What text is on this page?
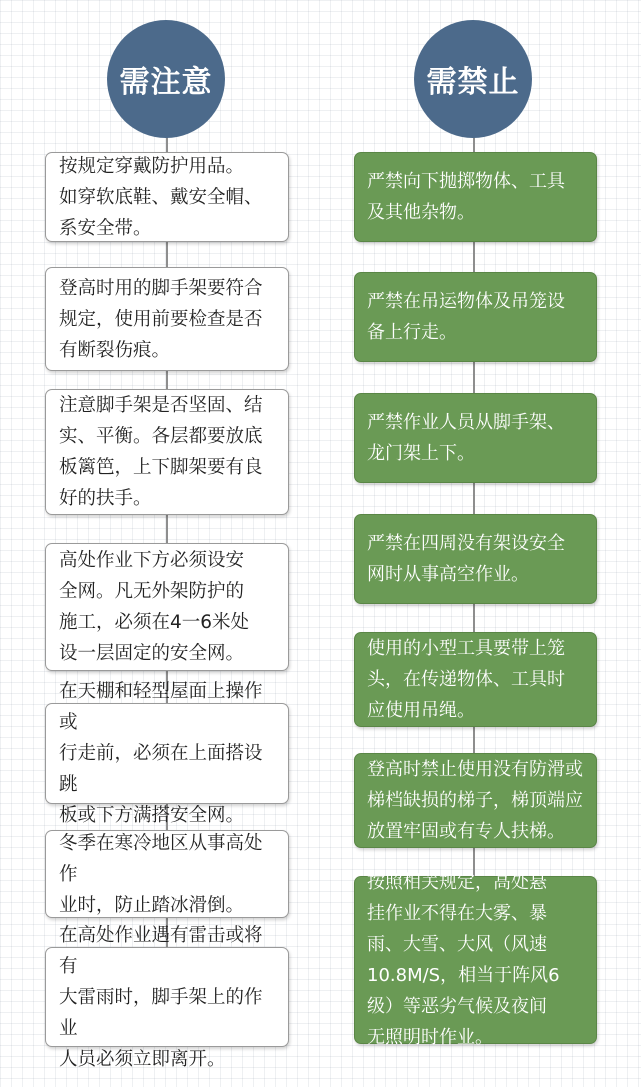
需注意
按规定穿戴防护用品。
如穿软底鞋、戴安全帽、
系安全带。
登高时用的脚手架要符合
规定，使用前要检查是否
有断裂伤痕。
注意脚手架是否坚固、结
实、平衡。各层都要放底
板篱笆，上下脚架要有良
好的扶手。
高处作业下方必须设安
全网。凡无外架防护的
施工，必须在4一6米处
设一层固定的安全网。
在天棚和轻型屋面上操作或
行走前，必须在上面搭设跳
板或下方满搭安全网。
冬季在寒冷地区从事高处作
业时，防止踏冰滑倒。
在高处作业遇有雷击或将有
大雷雨时，脚手架上的作业
人员必须立即离开。
需禁止
严禁向下抛掷物体、工具
及其他杂物。
严禁在吊运物体及吊笼设
备上行走。
严禁作业人员从脚手架、
龙门架上下。
严禁在四周没有架设安全
网时从事高空作业。
使用的小型工具要带上笼
头，在传递物体、工具时
应使用吊绳。
登高时禁止使用没有防滑或
梯档缺损的梯子，梯顶端应
放置牢固或有专人扶梯。
按照相关规定，高处悬
挂作业不得在大雾、暴
雨、大雪、大风（风速
10.8M/S，相当于阵风6
级）等恶劣气候及夜间
无照明时作业。
